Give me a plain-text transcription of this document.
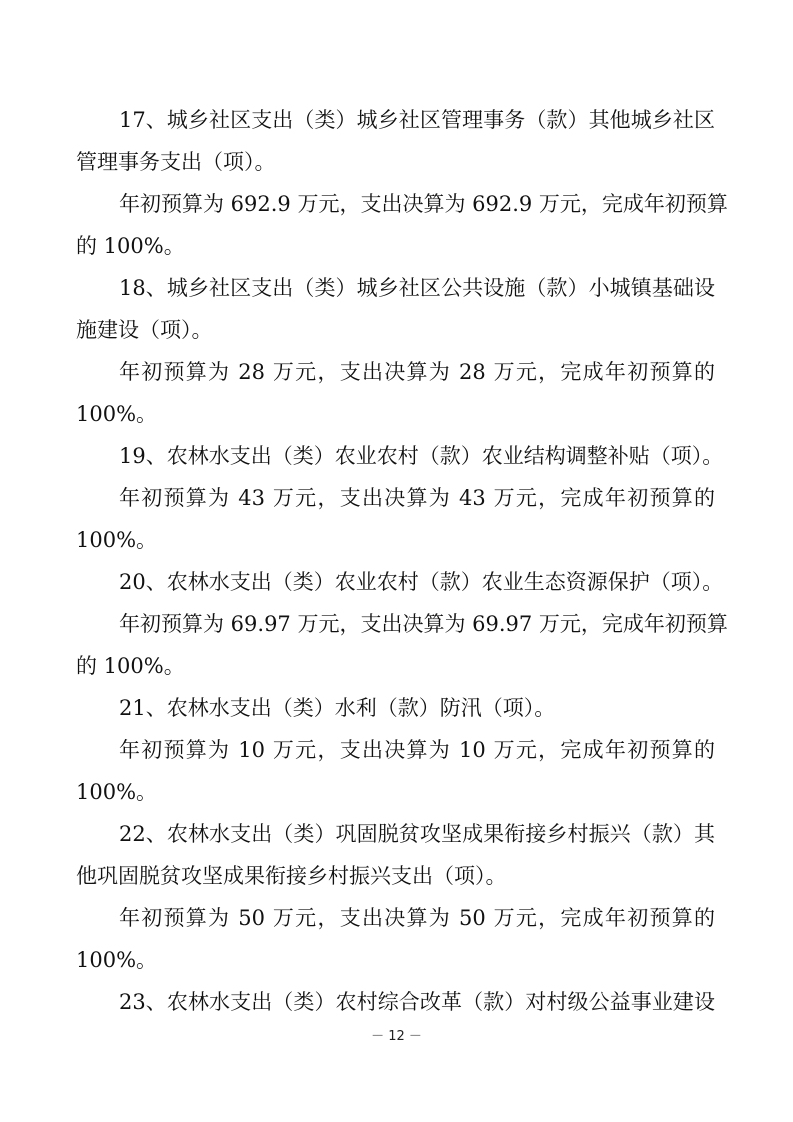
17、城乡社区支出（类）城乡社区管理事务（款）其他城乡社区
管理事务支出（项）。
年初预算为 692.9 万元，支出决算为 692.9 万元，完成年初预算
的 100%。
18、城乡社区支出（类）城乡社区公共设施（款）小城镇基础设
施建设（项）。
年初预算为 28 万元，支出决算为 28 万元，完成年初预算的
100%。
19、农林水支出（类）农业农村（款）农业结构调整补贴（项）。
年初预算为 43 万元，支出决算为 43 万元，完成年初预算的
100%。
20、农林水支出（类）农业农村（款）农业生态资源保护（项）。
年初预算为 69.97 万元，支出决算为 69.97 万元，完成年初预算
的 100%。
21、农林水支出（类）水利（款）防汛（项）。
年初预算为 10 万元，支出决算为 10 万元，完成年初预算的
100%。
22、农林水支出（类）巩固脱贫攻坚成果衔接乡村振兴（款）其
他巩固脱贫攻坚成果衔接乡村振兴支出（项）。
年初预算为 50 万元，支出决算为 50 万元，完成年初预算的
100%。
23、农林水支出（类）农村综合改革（款）对村级公益事业建设
－ 12 －
